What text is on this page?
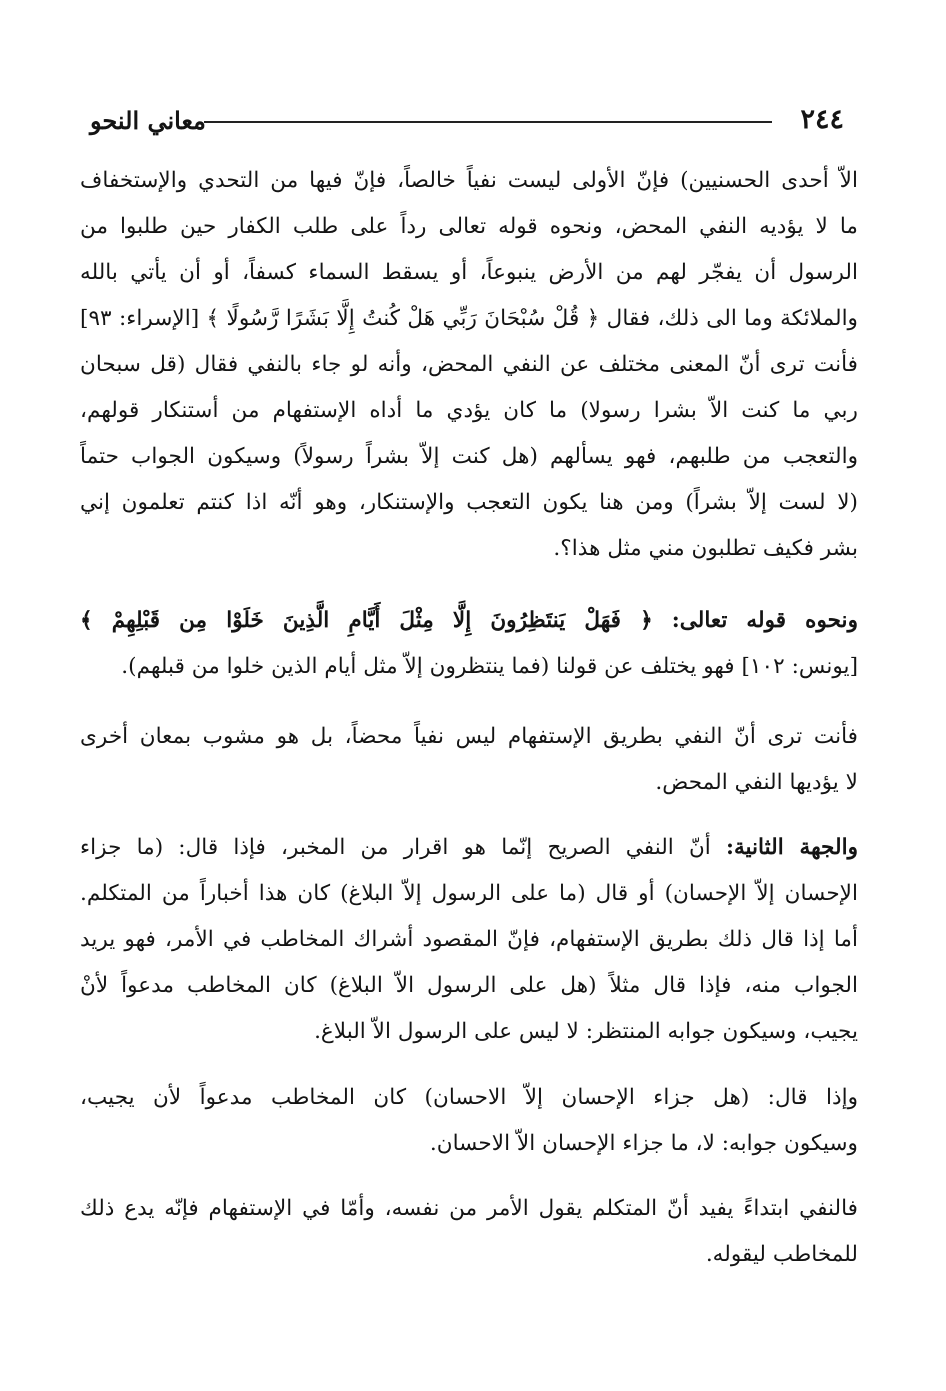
٢٤٤
معاني النحو
الاّ أحدى الحسنيين) فإنّ الأولى ليست نفياً خالصاً، فإنّ فيها من التحدي والإستخفاف
ما لا يؤديه النفي المحض، ونحوه قوله تعالى رداً على طلب الكفار حين طلبوا من
الرسول أن يفجّر لهم من الأرض ينبوعاً، أو يسقط السماء كسفاً، أو أن يأتي بالله
والملائكة وما الى ذلك، فقال ﴿ قُلْ سُبْحَانَ رَبِّي هَلْ كُنتُ إِلَّا بَشَرًا رَّسُولًا ﴾ [الإسراء: ٩٣]
فأنت ترى أنّ المعنى مختلف عن النفي المحض، وأنه لو جاء بالنفي فقال (قل سبحان
ربي ما كنت الاّ بشرا رسولا) ما كان يؤدي ما أداه الإستفهام من أستنكار قولهم،
والتعجب من طلبهم، فهو يسألهم (هل كنت إلاّ بشراً رسولاً) وسيكون الجواب حتماً
(لا لست إلاّ بشراً) ومن هنا يكون التعجب والإستنكار، وهو أنّه اذا كنتم تعلمون إني
بشر فكيف تطلبون مني مثل هذا؟.
ونحوه قوله تعالى: ﴿ فَهَلْ يَنتَظِرُونَ إِلَّا مِثْلَ أَيَّامِ الَّذِينَ خَلَوْا مِن قَبْلِهِمْ ﴾
[يونس: ١٠٢] فهو يختلف عن قولنا (فما ينتظرون إلاّ مثل أيام الذين خلوا من قبلهم).
فأنت ترى أنّ النفي بطريق الإستفهام ليس نفياً محضاً، بل هو مشوب بمعان أخرى
لا يؤديها النفي المحض.
والجهة الثانية: أنّ النفي الصريح إنّما هو اقرار من المخبر، فإذا قال: (ما جزاء
الإحسان إلاّ الإحسان) أو قال (ما على الرسول إلاّ البلاغ) كان هذا أخباراً من المتكلم.
أما إذا قال ذلك بطريق الإستفهام، فإنّ المقصود أشراك المخاطب في الأمر، فهو يريد
الجواب منه، فإذا قال مثلاً (هل على الرسول الاّ البلاغ) كان المخاطب مدعواً لأنْ
يجيب، وسيكون جوابه المنتظر: لا ليس على الرسول الاّ البلاغ.
وإذا قال: (هل جزاء الإحسان إلاّ الاحسان) كان المخاطب مدعواً لأن يجيب،
وسيكون جوابه: لا، ما جزاء الإحسان الاّ الاحسان.
فالنفي ابتداءً يفيد أنّ المتكلم يقول الأمر من نفسه، وأمّا في الإستفهام فإنّه يدع ذلك
للمخاطب ليقوله.
